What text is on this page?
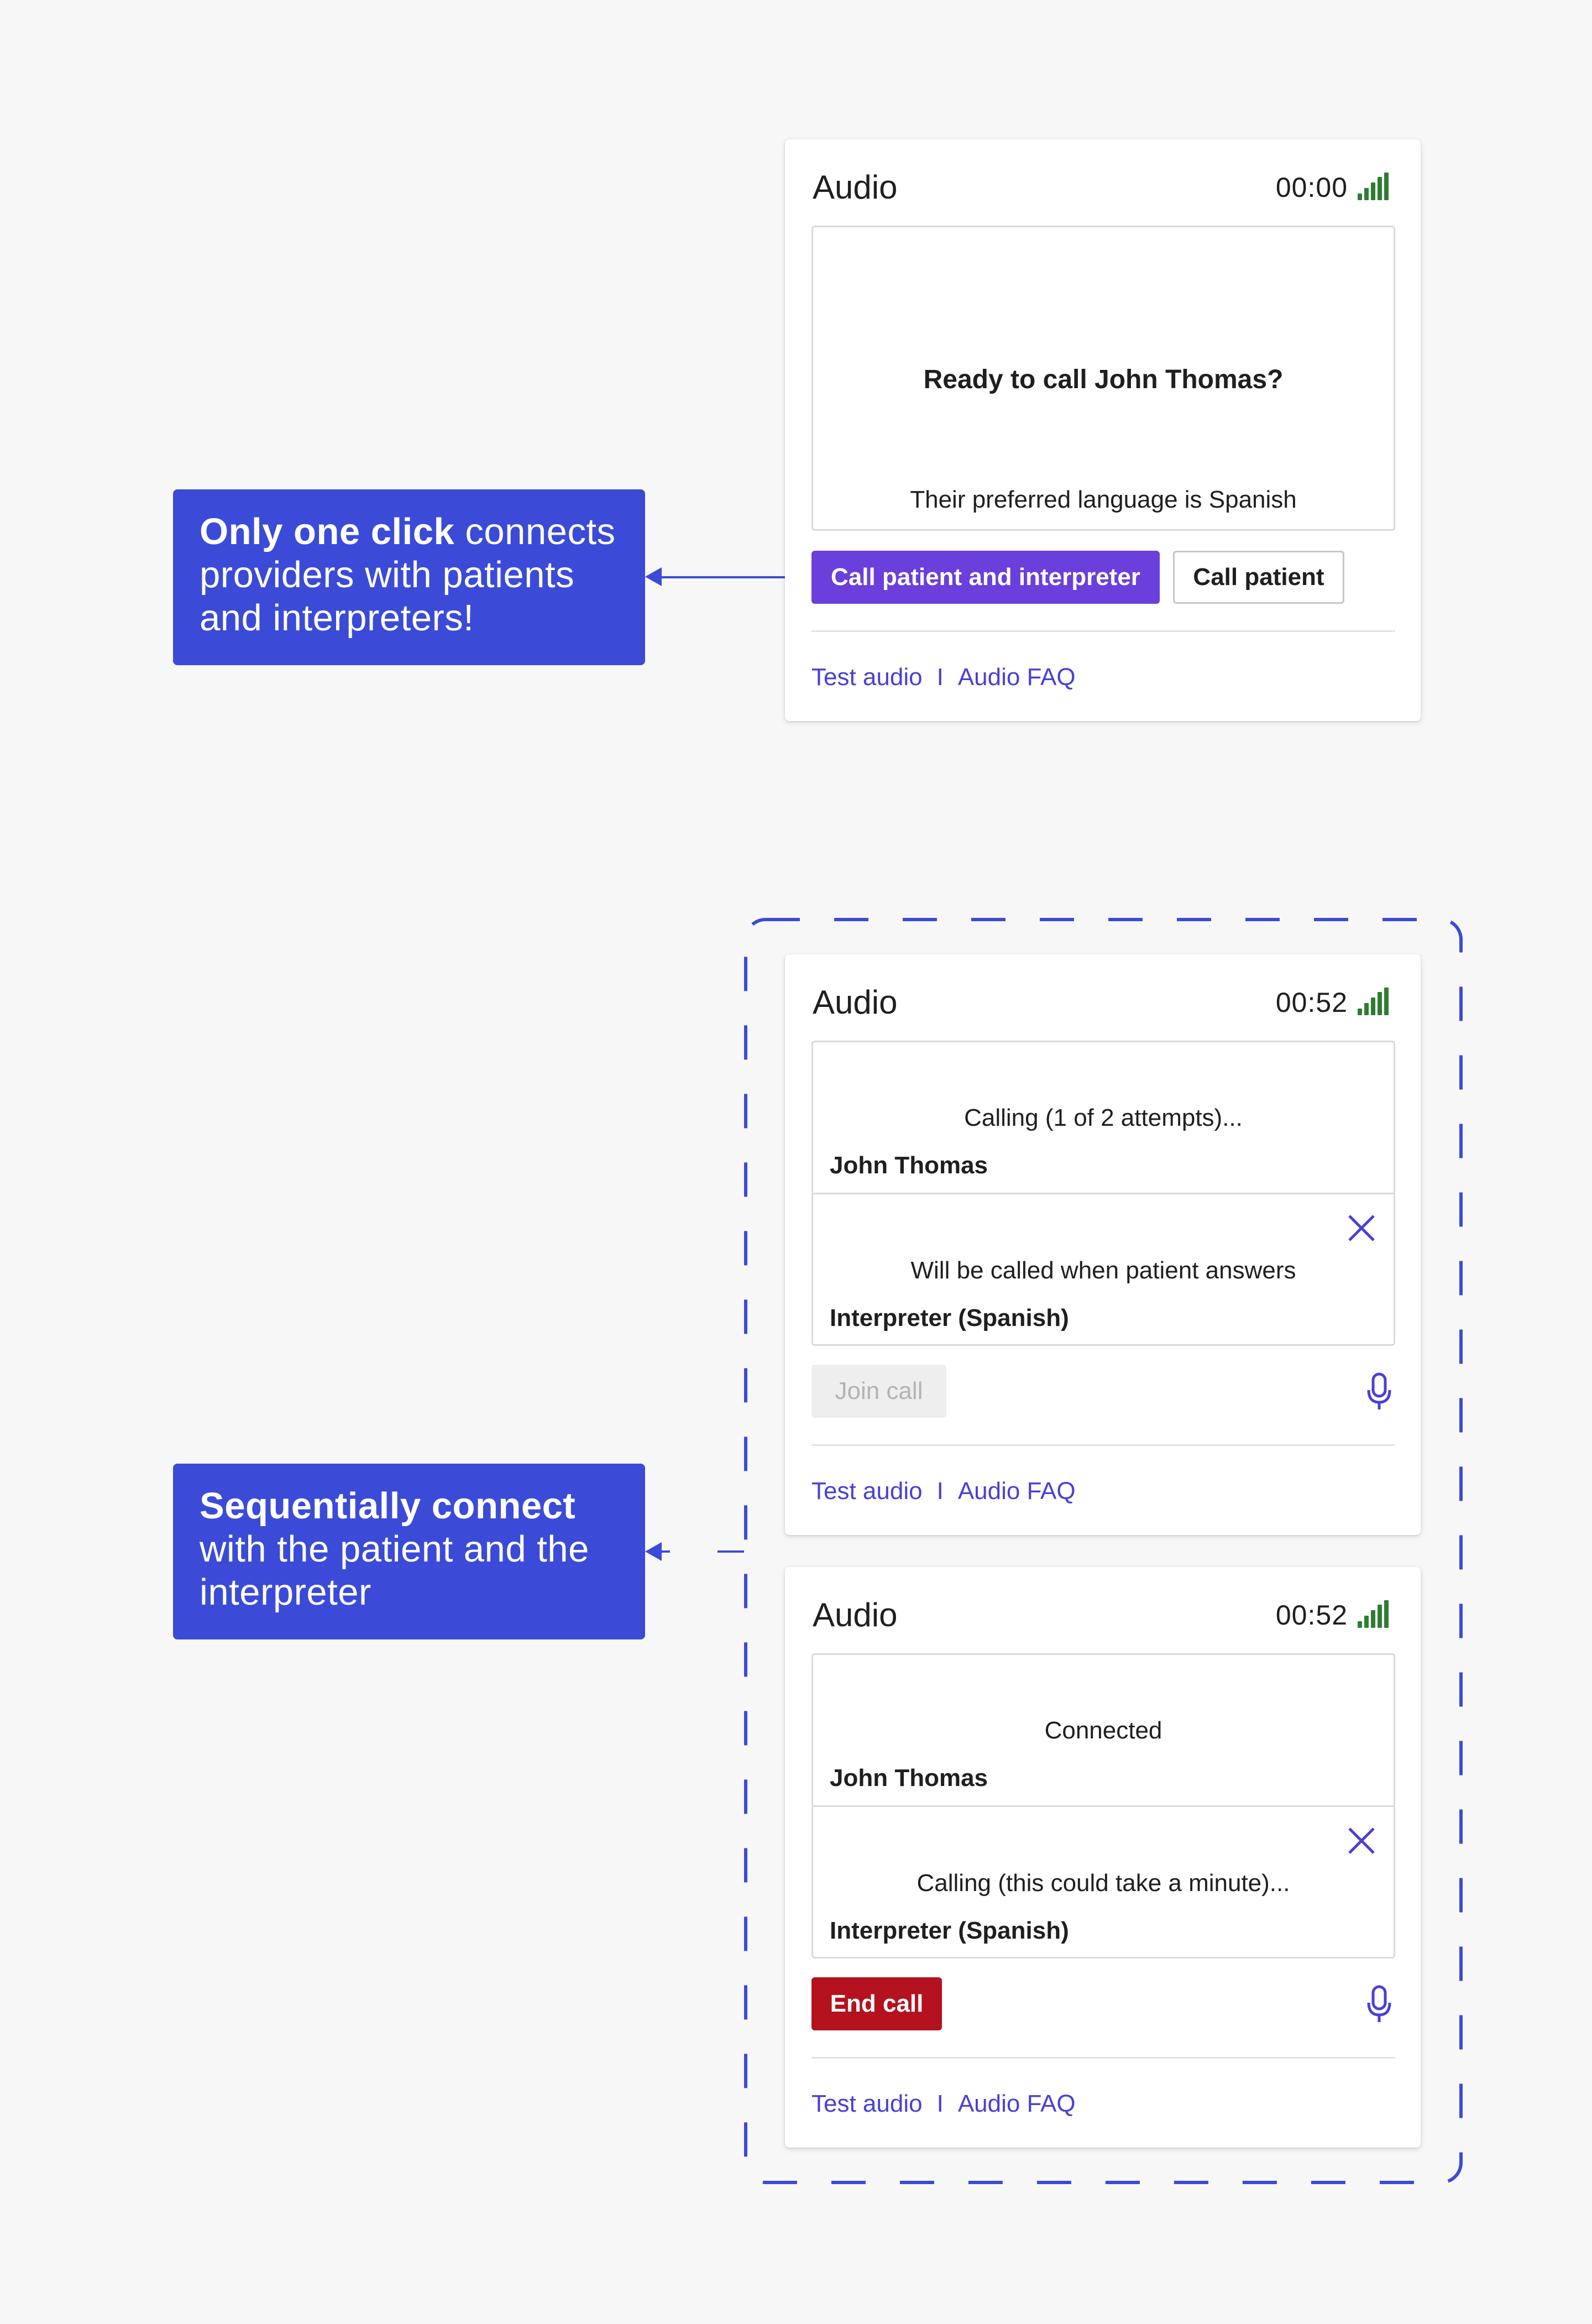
Only one click connects providers with patients and interpreters!
Sequentially connect with the patient and the interpreter
Audio	00:00
Ready to call John Thomas?
Their preferred language is Spanish
Call patient and interpreter	Call patient
Test audio I Audio FAQ
Audio	00:52
Calling (1 of 2 attempts)...
John Thomas
Will be called when patient answers
Interpreter (Spanish)
Join call
Test audio I Audio FAQ
Audio	00:52
Connected
John Thomas
Calling (this could take a minute)...
Interpreter (Spanish)
End call
Test audio I Audio FAQ
